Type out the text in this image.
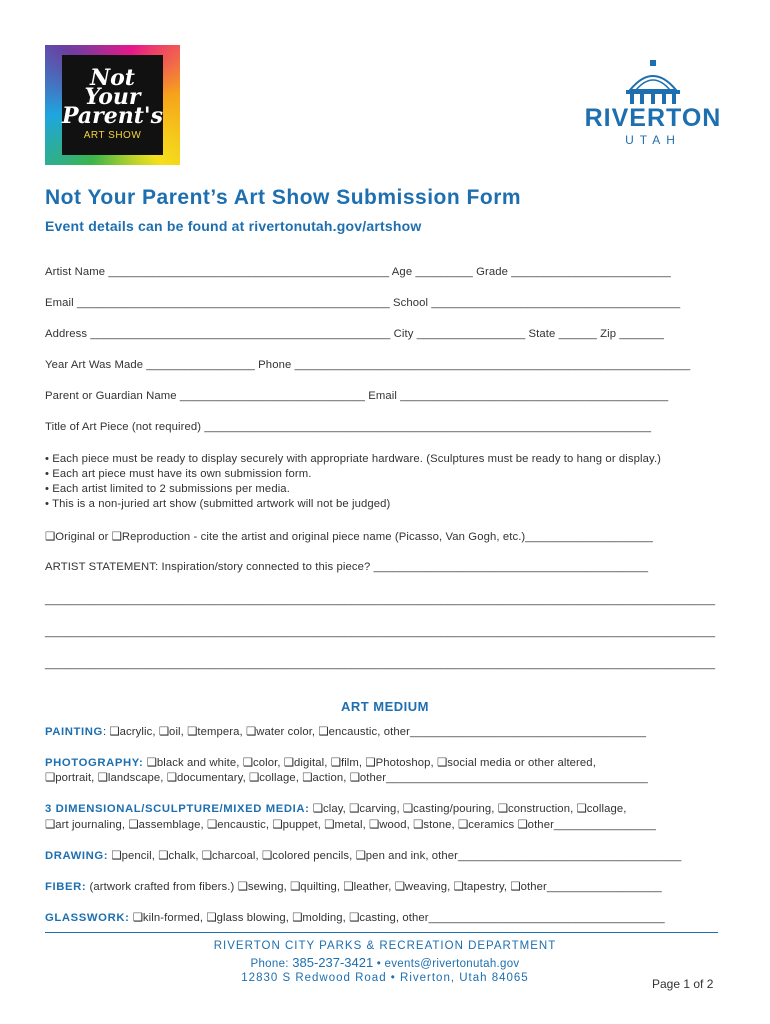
Not
Your
Parent's
ART SHOW
RIVERTON
UTAH
Not Your Parent’s Art Show Submission Form
Event details can be found at rivertonutah.gov/artshow
Artist Name ____________________________________________ Age _________ Grade _________________________
Email _________________________________________________ School _______________________________________
Address _______________________________________________ City _________________ State ______ Zip _______
Year Art Was Made _________________ Phone ______________________________________________________________
Parent or Guardian Name _____________________________ Email __________________________________________
Title of Art Piece (not required) ______________________________________________________________________
• Each piece must be ready to display securely with appropriate hardware. (Sculptures must be ready to hang or display.)
• Each art piece must have its own submission form.
• Each artist limited to 2 submissions per media.
• This is a non-juried art show (submitted artwork will not be judged)
❑Original or ❑Reproduction - cite the artist and original piece name (Picasso, Van Gogh, etc.)____________________
ARTIST STATEMENT: Inspiration/story connected to this piece? ___________________________________________
_________________________________________________________________________________________________________
_________________________________________________________________________________________________________
_________________________________________________________________________________________________________
ART MEDIUM
PAINTING: ❑acrylic, ❑oil, ❑tempera, ❑water color, ❑encaustic, other_____________________________________
PHOTOGRAPHY: ❑black and white, ❑color, ❑digital, ❑film, ❑Photoshop, ❑social media or other altered,
❑portrait, ❑landscape, ❑documentary, ❑collage, ❑action, ❑other_________________________________________
3 DIMENSIONAL/SCULPTURE/MIXED MEDIA: ❑clay, ❑carving, ❑casting/pouring, ❑construction, ❑collage,
❑art journaling, ❑assemblage, ❑encaustic, ❑puppet, ❑metal, ❑wood, ❑stone, ❑ceramics ❑other________________
DRAWING: ❑pencil, ❑chalk, ❑charcoal, ❑colored pencils, ❑pen and ink, other___________________________________
FIBER: (artwork crafted from fibers.) ❑sewing, ❑quilting, ❑leather, ❑weaving, ❑tapestry, ❑other__________________
GLASSWORK: ❑kiln-formed, ❑glass blowing, ❑molding, ❑casting, other_____________________________________
RIVERTON CITY PARKS & RECREATION DEPARTMENT
Phone: 385-237-3421 • events@rivertonutah.gov
12830 S Redwood Road • Riverton, Utah 84065	Page 1 of 2
